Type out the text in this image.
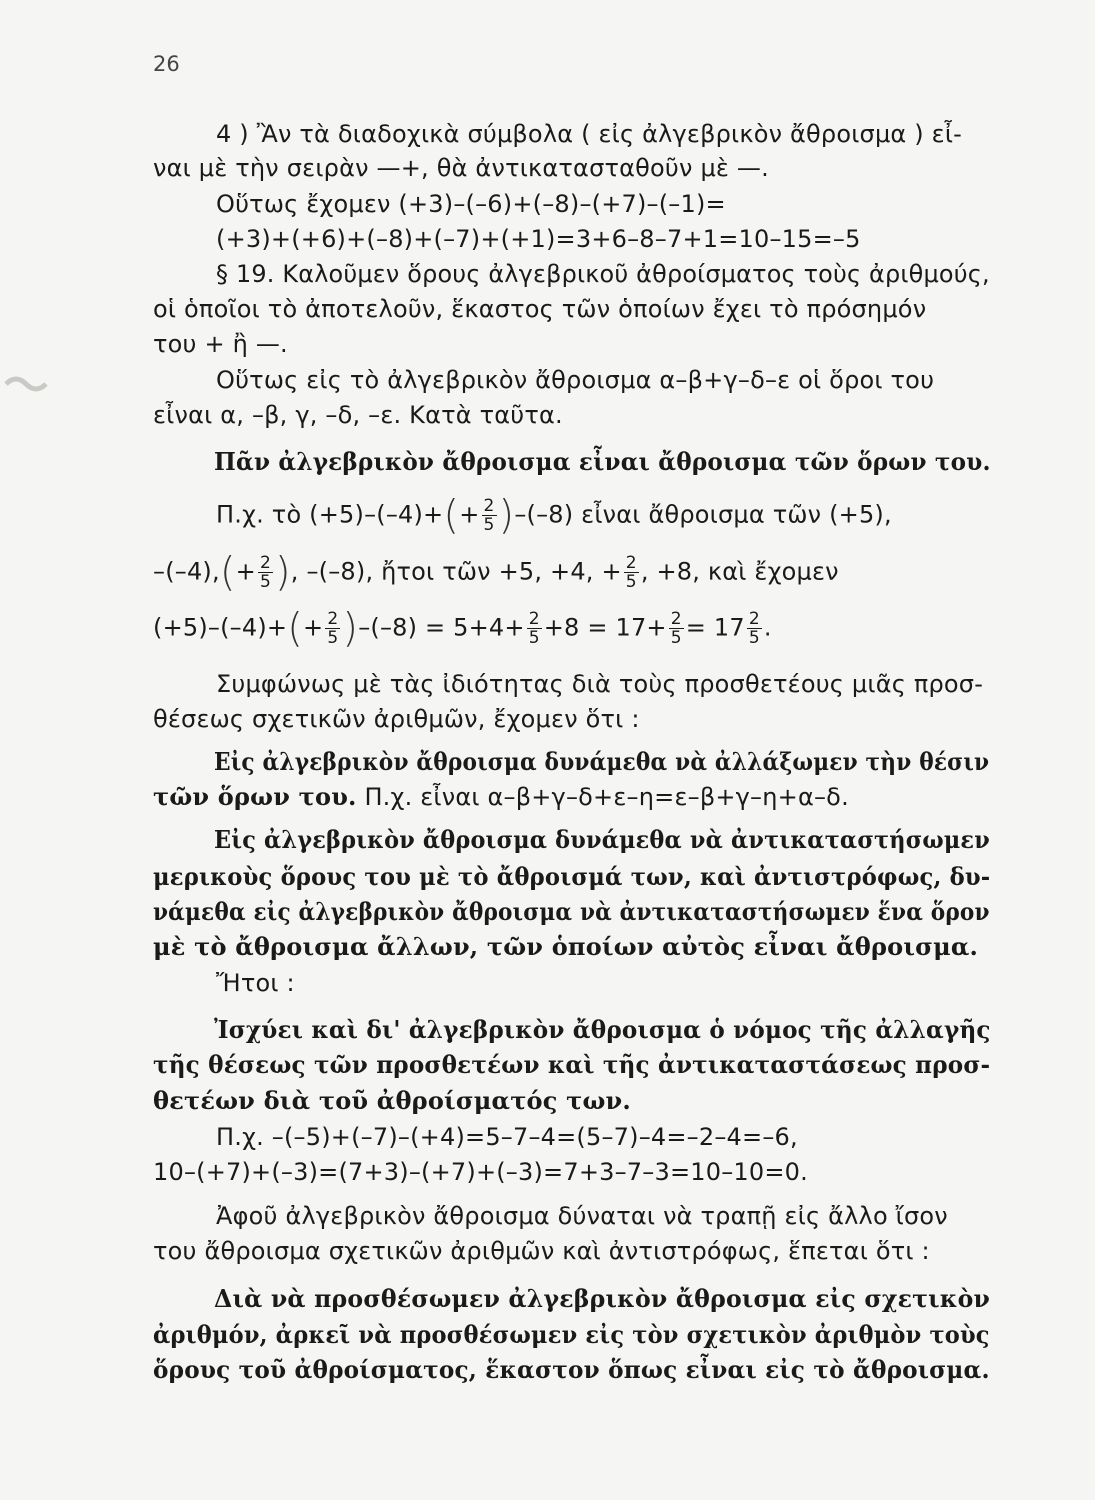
26
4 ) Ἂν τὰ διαδοχικὰ σύμβολα ( εἰς ἀλγεβρικὸν ἄθροισμα ) εἶ-
ναι μὲ τὴν σειρὰν —+, θὰ ἀντικατασταθοῦν μὲ —.
Οὕτως ἔχομεν (+3)–(–6)+(–8)–(+7)–(–1)=
(+3)+(+6)+(–8)+(–7)+(+1)=3+6–8–7+1=10–15=–5
§ 19. Καλοῦμεν ὅρους ἀλγεβρικοῦ ἀθροίσματος τοὺς ἀριθμούς,
οἱ ὁποῖοι τὸ ἀποτελοῦν, ἕκαστος τῶν ὁποίων ἔχει τὸ πρόσημόν
του + ἢ —.
Οὕτως εἰς τὸ ἀλγεβρικὸν ἄθροισμα α–β+γ–δ–ε οἱ ὅροι του
εἶναι α, –β, γ, –δ, –ε. Κατὰ ταῦτα.
Πᾶν ἀλγεβρικὸν ἄθροισμα εἶναι ἄθροισμα τῶν ὅρων του.
Π.χ. τὸ $(+5)-(-4)+(+ \frac{2}{5} )-(-8)$ εἶναι ἄθροισμα τῶν (+5),
$-(-4),(+ \frac{2}{5}$ ), –(–8), ἤτοι τῶν +5, +4, + $\frac{2}{5}$ , +8, καὶ ἔχομεν
$(+5)-(-4)+(+ \frac{2}{5} )-(-8) = 5+4+ \frac{2}{5} +8 = 17+ \frac{2}{5} = 17 \frac{2}{5}$ .
Συμφώνως μὲ τὰς ἰδιότητας διὰ τοὺς προσθετέους μιᾶς προσ-
θέσεως σχετικῶν ἀριθμῶν, ἔχομεν ὅτι :
Εἰς ἀλγεβρικὸν ἄθροισμα δυνάμεθα νὰ ἀλλάξωμεν τὴν θέσιν
τῶν ὅρων του. Π.χ. εἶναι α–β+γ–δ+ε–η=ε–β+γ–η+α–δ.
Εἰς ἀλγεβρικὸν ἄθροισμα δυνάμεθα νὰ ἀντικαταστήσωμεν
μερικοὺς ὅρους του μὲ τὸ ἄθροισμά των, καὶ ἀντιστρόφως, δυ-
νάμεθα εἰς ἀλγεβρικὸν ἄθροισμα νὰ ἀντικαταστήσωμεν ἕνα ὅρον
μὲ τὸ ἄθροισμα ἄλλων, τῶν ὁποίων αὐτὸς εἶναι ἄθροισμα.
Ἤτοι :
Ἰσχύει καὶ δι' ἀλγεβρικὸν ἄθροισμα ὁ νόμος τῆς ἀλλαγῆς
τῆς θέσεως τῶν προσθετέων καὶ τῆς ἀντικαταστάσεως προσ-
θετέων διὰ τοῦ ἀθροίσματός των.
Π.χ. –(–5)+(–7)–(+4)=5–7–4=(5–7)–4=–2–4=–6,
10–(+7)+(–3)=(7+3)–(+7)+(–3)=7+3–7–3=10–10=0.
Ἀφοῦ ἀλγεβρικὸν ἄθροισμα δύναται νὰ τραπῇ εἰς ἄλλο ἴσον
του ἄθροισμα σχετικῶν ἀριθμῶν καὶ ἀντιστρόφως, ἕπεται ὅτι :
Διὰ νὰ προσθέσωμεν ἀλγεβρικὸν ἄθροισμα εἰς σχετικὸν
ἀριθμόν, ἀρκεῖ νὰ προσθέσωμεν εἰς τὸν σχετικὸν ἀριθμὸν τοὺς
ὅρους τοῦ ἀθροίσματος, ἕκαστον ὅπως εἶναι εἰς τὸ ἄθροισμα.
